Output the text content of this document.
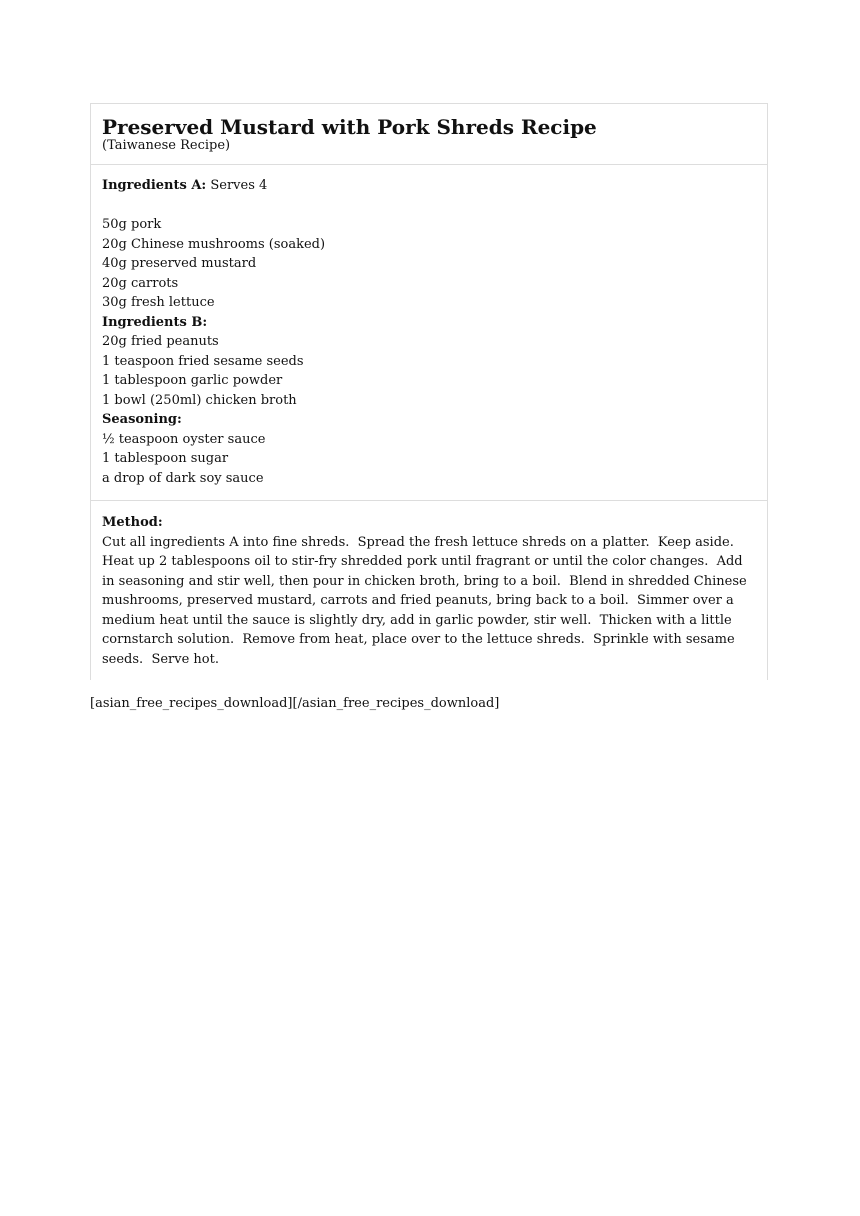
Preserved Mustard with Pork Shreds Recipe
(Taiwanese Recipe)
Ingredients A: Serves 4
50g pork
20g Chinese mushrooms (soaked)
40g preserved mustard
20g carrots
30g fresh lettuce
Ingredients B:
20g fried peanuts
1 teaspoon fried sesame seeds
1 tablespoon garlic powder
1 bowl (250ml) chicken broth
Seasoning:
½ teaspoon oyster sauce
1 tablespoon sugar
a drop of dark soy sauce
Method:
Cut all ingredients A into fine shreds.  Spread the fresh lettuce shreds on a platter.  Keep aside. Heat up 2 tablespoons oil to stir-fry shredded pork until fragrant or until the color changes.  Add in seasoning and stir well, then pour in chicken broth, bring to a boil.  Blend in shredded Chinese mushrooms, preserved mustard, carrots and fried peanuts, bring back to a boil.  Simmer over a medium heat until the sauce is slightly dry, add in garlic powder, stir well.  Thicken with a little cornstarch solution.  Remove from heat, place over to the lettuce shreds.  Sprinkle with sesame seeds.  Serve hot.
[asian_free_recipes_download][/asian_free_recipes_download]
